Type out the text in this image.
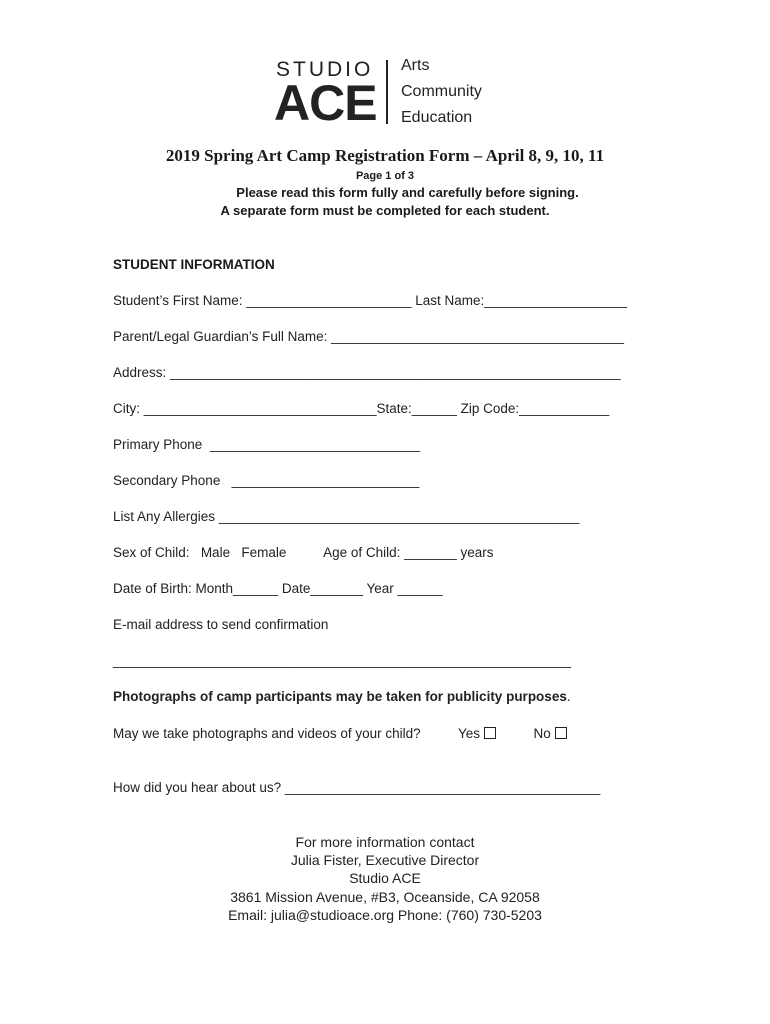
STUDIO
ACE
Arts
Community
Education
2019 Spring Art Camp Registration Form – April 8, 9, 10, 11
Page 1 of 3
Please read this form fully and carefully before signing.
A separate form must be completed for each student.
STUDENT INFORMATION
Student’s First Name: ______________________ Last Name:___________________
Parent/Legal Guardian’s Full Name: _______________________________________
Address: ____________________________________________________________
City: _______________________________State:______ Zip Code:____________
Primary Phone ____________________________
Secondary Phone _________________________
List Any Allergies ________________________________________________
Sex of Child: Male Female	Age of Child: _______ years
Date of Birth: Month______ Date_______ Year ______
E-mail address to send confirmation
_____________________________________________________________
Photographs of camp participants may be taken for publicity purposes.
May we take photographs and videos of your child?	Yes	No
How did you hear about us? __________________________________________
For more information contact
Julia Fister, Executive Director
Studio ACE
3861 Mission Avenue, #B3, Oceanside, CA 92058
Email: julia@studioace.org Phone: (760) 730-5203
